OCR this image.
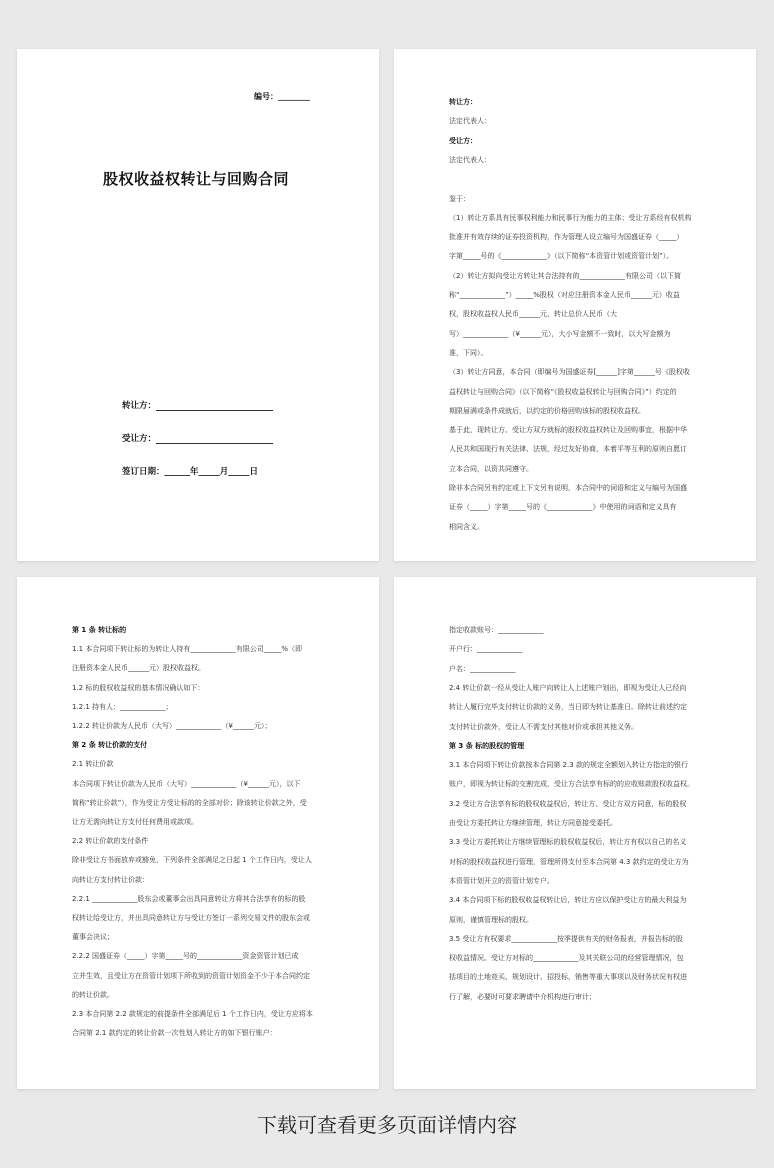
编号：________
股权收益权转让与回购合同
转让方：
受让方：
签订日期：______年_____月_____日
转让方：
法定代表人：
受让方：
法定代表人：
鉴于：
（1）转让方系具有民事权利能力和民事行为能力的主体；受让方系经有权机构
批准并有效存续的证券投资机构，作为管理人设立编号为国盛证券（_____）
字第_____号的《_____________》（以下简称“本资管计划或资管计划”）。
（2）转让方拟向受让方转让其合法持有的_____________有限公司（以下简
称“_____________”）_____%股权（对应注册资本金人民币______元）收益
权，股权收益权人民币______元，转让总价人民币（大
写）_____________（¥______元），大小写金额不一致时，以大写金额为
准，下同）。
（3）转让方同意，本合同（即编号为国盛证券[______]字第______号《股权收
益权转让与回购合同》（以下简称“《股权收益权转让与回购合同》”）约定的
期限届满或条件成就后，以约定的价格回购该标的股权收益权。
基于此，现转让方、受让方双方就标的股权收益权转让及回购事宜，根据中华
人民共和国现行有关法律、法规，经过友好协商，本着平等互利的原则自愿订
立本合同，以资共同遵守。
除非本合同另有约定或上下文另有说明，本合同中的词语和定义与编号为国盛
证券（_____）字第_____号的《_____________》中使用的词语和定义具有
相同含义。
第 1 条 转让标的
1.1 本合同项下转让标的为转让人持有_____________有限公司_____%（即
注册资本金人民币______元）股权收益权。
1.2 标的股权收益权的基本情况确认如下：
1.2.1 持有人：_____________；
1.2.2 转让价款为人民币（大写）_____________（¥______元）；
第 2 条 转让价款的支付
2.1 转让价款
本合同项下转让价款为人民币（大写）_____________（¥______元），以下
简称“转让价款”），作为受让方受让标的的全部对价；除该转让价款之外，受
让方无需向转让方支付任何费用或款项。
2.2 转让价款的支付条件
除非受让方书面放弃或豁免，下列条件全部满足之日起 1 个工作日内，受让人
向转让方支付转让价款：
2.2.1 _____________股东会或董事会出具同意转让方将其合法享有的标的股
权转让给受让方，并出具同意转让方与受让方签订一系列交易文件的股东会或
董事会决议；
2.2.2 国盛证券（_____）字第_____号的_____________资金资管计划已成
立并生效，且受让方在资管计划项下所收到的资管计划资金不少于本合同约定
的转让价款。
2.3 本合同第 2.2 款规定的前提条件全部满足后 1 个工作日内，受让方应将本
合同第 2.1 款约定的转让价款一次性划入转让方的如下银行账户：
指定收款账号：_____________
开户行：_____________
户名：_____________
2.4 转让价款一经从受让人账户向转让人上述账户划出，即视为受让人已经向
转让人履行完毕支付转让价款的义务，当日即为转让基准日。除转让前述约定
支付转让价款外，受让人不需支付其他对价或承担其他义务。
第 3 条 标的股权的管理
3.1 本合同项下转让价款按本合同第 2.3 款的规定全额划入转让方指定的银行
账户，即视为转让标的交割完成，受让方合法享有标的的应收账款股权收益权。
3.2 受让方合法享有标的股权收益权后，转让方、受让方双方同意，标的股权
由受让方委托转让方继续管理，转让方同意接受委托。
3.3 受让方委托转让方继续管理标的股权收益权后，转让方有权以自己的名义
对标的股权收益权进行管理，管理所得支付至本合同第 4.3 款约定的受让方为
本资管计划开立的资管计划专户。
3.4 本合同项下标的股权收益权转让后，转让方应以保护受让方的最大利益为
原则，谨慎管理标的股权。
3.5 受让方有权要求_____________按季提供有关的财务报表，并报告标的股
权收益情况。受让方对标的_____________及其关联公司的经营管理情况，包
括项目的土地竞买、规划设计、招投标、销售等重大事项以及财务状况有权进
行了解，必要时可要求聘请中介机构进行审计；
下载可查看更多页面详情内容
